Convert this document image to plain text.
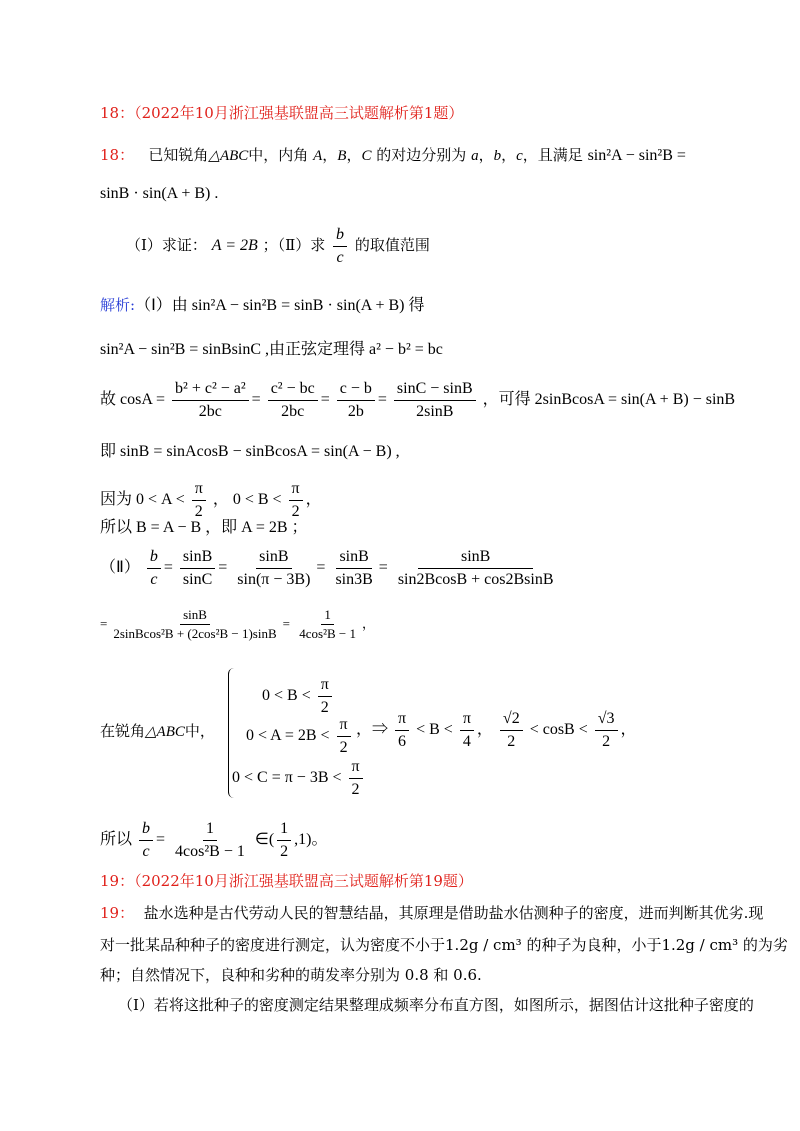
18：（2022年10月浙江强基联盟高三试题解析第1题）
18： 已知锐角△ABC中，内角 A，B，C 的对边分别为 a，b，c，且满足 sin²A − sin²B =
sinB · sin(A + B) .
（Ⅰ）求证： A = 2B ；（Ⅱ）求 $\frac{b}{c}$ 的取值范围
解析:（Ⅰ）由 sin²A − sin²B = sinB · sin(A + B) 得
sin²A − sin²B = sinBsinC ,由正弦定理得 a² − b² = bc
故 $\cos A = \frac{\text{b² + c² − a²}}{2bc} = \frac{\text{c² − bc}}{2bc} = \frac{c - b}{2b} = \frac{\sin C - \sin B}{2\sin B}$ ，可得 2sinBcosA = sin(A + B) − sinB
即 sinB = sinAcosB − sinBcosA = sin(A − B) ,
因为 $0 < A < \frac{\pi}{2}$ ， $0 < B < \frac{\pi}{2}$ ，
所以 B = A − B ，即 A = 2B ；
（Ⅱ） $\frac{b}{c} = \frac{\sin B}{\sin C} = \frac{\sin B}{\sin(\pi - 3B)} = \frac{\sin B}{\sin 3B} = \frac{\sin B}{\sin 2BcosB + \cos 2BsinB}$
= $\frac{\sin B}{\text{2sinBcos²B + (2cos²B − 1)sinB}} = \frac{1}{\text{4cos²B − 1}}$ ，
在锐角△ABC中，
$0 < B < \frac{\pi}{2}$
$0 < A = 2B < \frac{\pi}{2}$
$0 < C = \pi - 3B < \frac{\pi}{2}$
，⇒ $\frac{\pi}{6} < B < \frac{\pi}{4}$ ， $\frac{√2}{2} < \cos B < \frac{√3}{2}$ ，
所以 $\frac{b}{c} = \frac{1}{\text{4cos²B − 1}}$ ∈( $\frac{1}{2} ,1$)。
19：（2022年10月浙江强基联盟高三试题解析第19题）
19： 盐水选种是古代劳动人民的智慧结晶，其原理是借助盐水估测种子的密度，进而判断其优劣.现
对一批某品种种子的密度进行测定，认为密度不小于1.2g / cm³ 的种子为良种，小于1.2g / cm³ 的为劣
种；自然情况下，良种和劣种的萌发率分别为 0.8 和 0.6.
（Ⅰ）若将这批种子的密度测定结果整理成频率分布直方图，如图所示，据图估计这批种子密度的
